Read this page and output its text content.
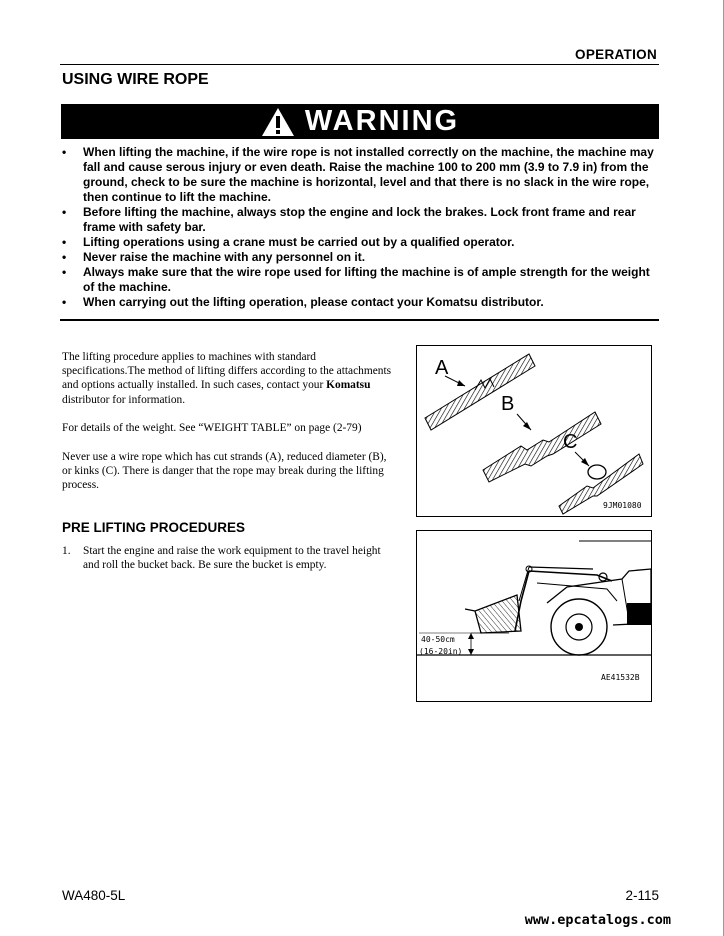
OPERATION
USING WIRE ROPE
WARNING
• When lifting the machine, if the wire rope is not installed correctly on the machine, the machine may fall and cause serous injury or even death. Raise the machine 100 to 200 mm (3.9 to 7.9 in) from the ground, check to be sure the machine is horizontal, level and that there is no slack in the wire rope, then continue to lift the machine.
• Before lifting the machine, always stop the engine and lock the brakes. Lock front frame and rear frame with safety bar.
• Lifting operations using a crane must be carried out by a qualified operator.
• Never raise the machine with any personnel on it.
• Always make sure that the wire rope used for lifting the machine is of ample strength for the weight of the machine.
• When carrying out the lifting operation, please contact your Komatsu distributor.
The lifting procedure applies to machines with standard specifications.The method of lifting differs according to the attachments and options actually installed. In such cases, contact your Komatsu distributor for information.
For details of the weight. See “WEIGHT TABLE” on page (2-79)
Never use a wire rope which has cut strands (A), reduced diameter (B), or kinks (C). There is danger that the rope may break during the lifting process.
PRE LIFTING PROCEDURES
1.	Start the engine and raise the work equipment to the travel height and roll the bucket back. Be sure the bucket is empty.
A
B
C
9JM01080
40-50cm
(16-20in)
AE41532B
WA480-5L	2-115
www.epcatalogs.com
